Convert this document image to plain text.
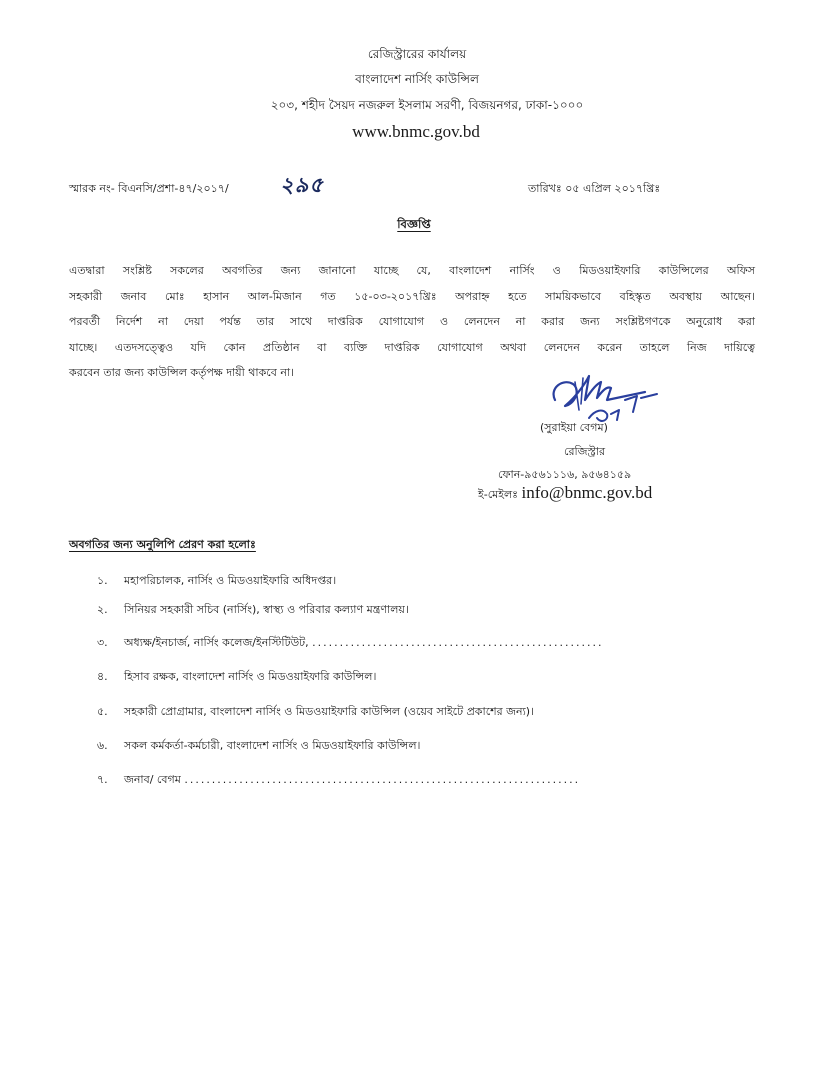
রেজিস্ট্রারের কার্যালয়
বাংলাদেশ নার্সিং কাউন্সিল
২০৩, শহীদ সৈয়দ নজরুল ইসলাম সরণী, বিজয়নগর, ঢাকা-১০০০
www.bnmc.gov.bd
স্মারক নং- বিএনসি/প্রশা-৪৭/২০১৭/ ২৯৫	তারিখঃ ০৫ এপ্রিল ২০১৭খ্রিঃ
বিজ্ঞপ্তি
এতদ্বারা সংশ্লিষ্ট সকলের অবগতির জন্য জানানো যাচ্ছে যে, বাংলাদেশ নার্সিং ও মিডওয়াইফারি কাউন্সিলের অফিস
সহকারী জনাব মোঃ হাসান আল-মিজান গত ১৫-০৩-২০১৭খ্রিঃ অপরাহ্ন হতে সাময়িকভাবে বহিস্কৃত অবস্থায় আছেন।
পরবর্তী নির্দেশ না দেয়া পর্যন্ত তার সাথে দাপ্তরিক যোগাযোগ ও লেনদেন না করার জন্য সংশ্লিষ্টগণকে অনুরোধ করা
যাচ্ছে। এতদসত্ত্বেও যদি কোন প্রতিষ্ঠান বা ব্যক্তি দাপ্তরিক যোগাযোগ অথবা লেনদেন করেন তাহলে নিজ দায়িত্বে
করবেন তার জন্য কাউন্সিল কর্তৃপক্ষ দায়ী থাকবে না।
(সুরাইয়া বেগম)
রেজিস্ট্রার
ফোন-৯৫৬১১১৬, ৯৫৬৪১৫৯
ই-মেইলঃ info@bnmc.gov.bd
অবগতির জন্য অনুলিপি প্রেরণ করা হলোঃ
১. মহাপরিচালক, নার্সিং ও মিডওয়াইফারি অধিদপ্তর।
২. সিনিয়র সহকারী সচিব (নার্সিং), স্বাস্থ্য ও পরিবার কল্যাণ মন্ত্রণালয়।
৩. অধ্যক্ষ/ইনচার্জ, নার্সিং কলেজ/ইনস্টিটিউট, .....................................................
৪. হিসাব রক্ষক, বাংলাদেশ নার্সিং ও মিডওয়াইফারি কাউন্সিল।
৫. সহকারী প্রোগ্রামার, বাংলাদেশ নার্সিং ও মিডওয়াইফারি কাউন্সিল (ওয়েব সাইটে প্রকাশের জন্য)।
৬. সকল কর্মকর্তা-কর্মচারী, বাংলাদেশ নার্সিং ও মিডওয়াইফারি কাউন্সিল।
৭. জনাব/ বেগম ........................................................................
